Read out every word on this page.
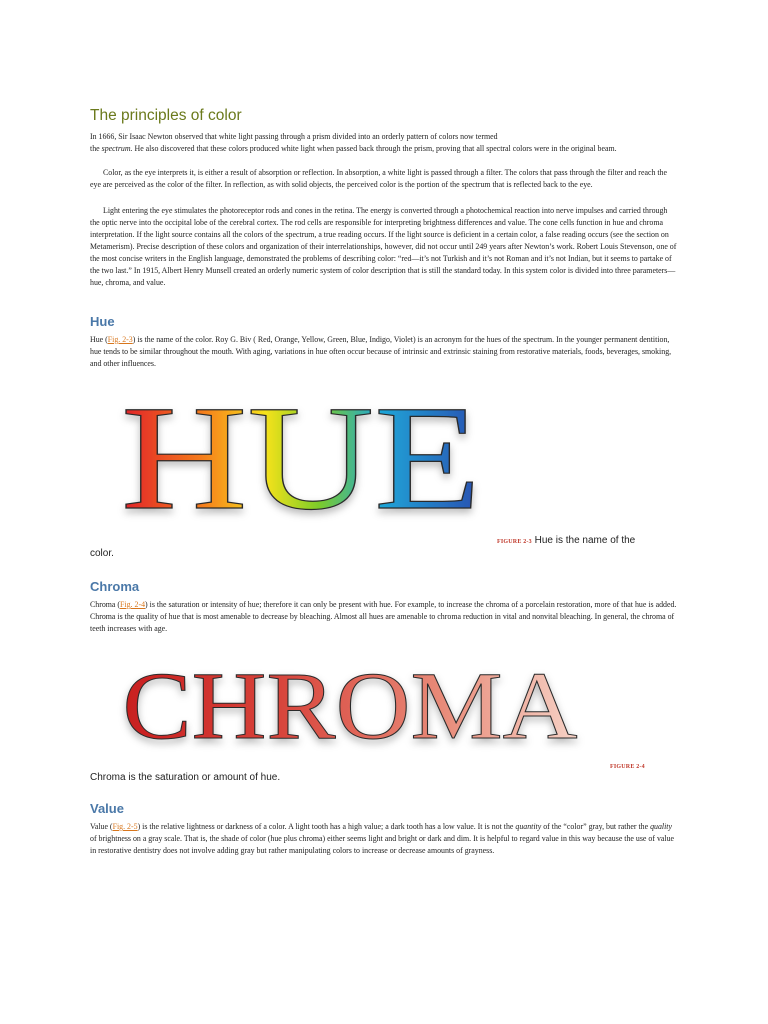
The principles of color

In 1666, Sir Isaac Newton observed that white light passing through a prism divided into an orderly pattern of colors now termed
the spectrum. He also discovered that these colors produced white light when passed back through the prism, proving that all spectral colors were in the original beam.

Color, as the eye interprets it, is either a result of absorption or reflection. In absorption, a white light is passed through a filter. The colors that pass through the filter and reach the eye are perceived as the color of the filter. In reflection, as with solid objects, the perceived color is the portion of the spectrum that is reflected back to the eye.

Light entering the eye stimulates the photoreceptor rods and cones in the retina. The energy is converted through a photochemical reaction into nerve impulses and carried through the optic nerve into the occipital lobe of the cerebral cortex. The rod cells are responsible for interpreting brightness differences and value. The cone cells function in hue and chroma interpretation. If the light source contains all the colors of the spectrum, a true reading occurs. If the light source is deficient in a certain color, a false reading occurs (see the section on Metamerism). Precise description of these colors and organization of their interrelationships, however, did not occur until 249 years after Newton’s work. Robert Louis Stevenson, one of the most concise writers in the English language, demonstrated the problems of describing color: “red—it’s not Turkish and it’s not Roman and it’s not Indian, but it seems to partake of the two last.” In 1915, Albert Henry Munsell created an orderly numeric system of color description that is still the standard today. In this system color is divided into three parameters—hue, chroma, and value.

Hue

Hue (Fig. 2-3) is the name of the color. Roy G. Biv ( Red, Orange, Yellow, Green, Blue, Indigo, Violet) is an acronym for the hues of the spectrum. In the younger permanent dentition, hue tends to be similar throughout the mouth. With aging, variations in hue often occur because of intrinsic and extrinsic staining from restorative materials, foods, beverages, smoking, and other influences.

HUE

FIGURE 2-3 Hue is the name of the

color.

Chroma

Chroma (Fig. 2-4) is the saturation or intensity of hue; therefore it can only be present with hue. For example, to increase the chroma of a porcelain restoration, more of that hue is added. Chroma is the quality of hue that is most amenable to decrease by bleaching. Almost all hues are amenable to chroma reduction in vital and nonvital bleaching. In general, the chroma of teeth increases with age.

CHROMA

FIGURE 2-4

Chroma is the saturation or amount of hue.

Value

Value (Fig. 2-5) is the relative lightness or darkness of a color. A light tooth has a high value; a dark tooth has a low value. It is not the quantity of the “color” gray, but rather the quality of brightness on a gray scale. That is, the shade of color (hue plus chroma) either seems light and bright or dark and dim. It is helpful to regard value in this way because the use of value in restorative dentistry does not involve adding gray but rather manipulating colors to increase or decrease amounts of grayness.
